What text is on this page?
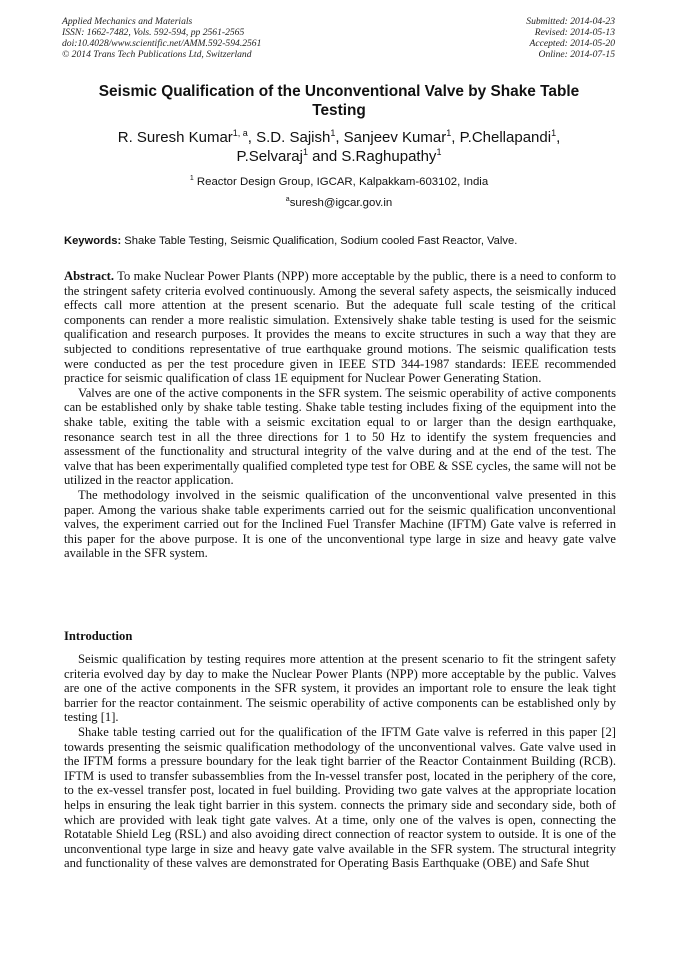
Applied Mechanics and Materials
ISSN: 1662-7482, Vols. 592-594, pp 2561-2565
doi:10.4028/www.scientific.net/AMM.592-594.2561
© 2014 Trans Tech Publications Ltd, Switzerland
Submitted: 2014-04-23
Revised: 2014-05-13
Accepted: 2014-05-20
Online: 2014-07-15
Seismic Qualification of the Unconventional Valve by Shake Table Testing
R. Suresh Kumar$^{1, a}$, S.D. Sajish$^1$, Sanjeev Kumar$^1$, P.Chellapandi$^1$,
P.Selvaraj$^1$ and S.Raghupathy$^1$
$^1$ Reactor Design Group, IGCAR, Kalpakkam-603102, India
$^a$suresh@igcar.gov.in
Keywords: Shake Table Testing, Seismic Qualification, Sodium cooled Fast Reactor, Valve.

Abstract. To make Nuclear Power Plants (NPP) more acceptable by the public, there is a need to conform to the stringent safety criteria evolved continuously. Among the several safety aspects, the seismically induced effects call more attention at the present scenario. But the adequate full scale testing of the critical components can render a more realistic simulation. Extensively shake table testing is used for the seismic qualification and research purposes. It provides the means to excite structures in such a way that they are subjected to conditions representative of true earthquake ground motions. The seismic qualification tests were conducted as per the test procedure given in IEEE STD 344-1987 standards: IEEE recommended practice for seismic qualification of class 1E equipment for Nuclear Power Generating Station.

Valves are one of the active components in the SFR system. The seismic operability of active components can be established only by shake table testing. Shake table testing includes fixing of the equipment into the shake table, exiting the table with a seismic excitation equal to or larger than the design earthquake, resonance search test in all the three directions for 1 to 50 Hz to identify the system frequencies and assessment of the functionality and structural integrity of the valve during and at the end of the test. The valve that has been experimentally qualified completed type test for OBE & SSE cycles, the same will not be utilized in the reactor application.

The methodology involved in the seismic qualification of the unconventional valve presented in this paper. Among the various shake table experiments carried out for the seismic qualification unconventional valves, the experiment carried out for the Inclined Fuel Transfer Machine (IFTM) Gate valve is referred in this paper for the above purpose. It is one of the unconventional type large in size and heavy gate valve available in the SFR system.

Introduction

Seismic qualification by testing requires more attention at the present scenario to fit the stringent safety criteria evolved day by day to make the Nuclear Power Plants (NPP) more acceptable by the public. Valves are one of the active components in the SFR system, it provides an important role to ensure the leak tight barrier for the reactor containment. The seismic operability of active components can be established only by testing [1].

Shake table testing carried out for the qualification of the IFTM Gate valve is referred in this paper [2] towards presenting the seismic qualification methodology of the unconventional valves. Gate valve used in the IFTM forms a pressure boundary for the leak tight barrier of the Reactor Containment Building (RCB). IFTM is used to transfer subassemblies from the In-vessel transfer post, located in the periphery of the core, to the ex-vessel transfer post, located in fuel building. Providing two gate valves at the appropriate location helps in ensuring the leak tight barrier in this system. connects the primary side and secondary side, both of which are provided with leak tight gate valves. At a time, only one of the valves is open, connecting the Rotatable Shield Leg (RSL) and also avoiding direct connection of reactor system to outside. It is one of the unconventional type large in size and heavy gate valve available in the SFR system. The structural integrity and functionality of these valves are demonstrated for Operating Basis Earthquake (OBE) and Safe Shut
